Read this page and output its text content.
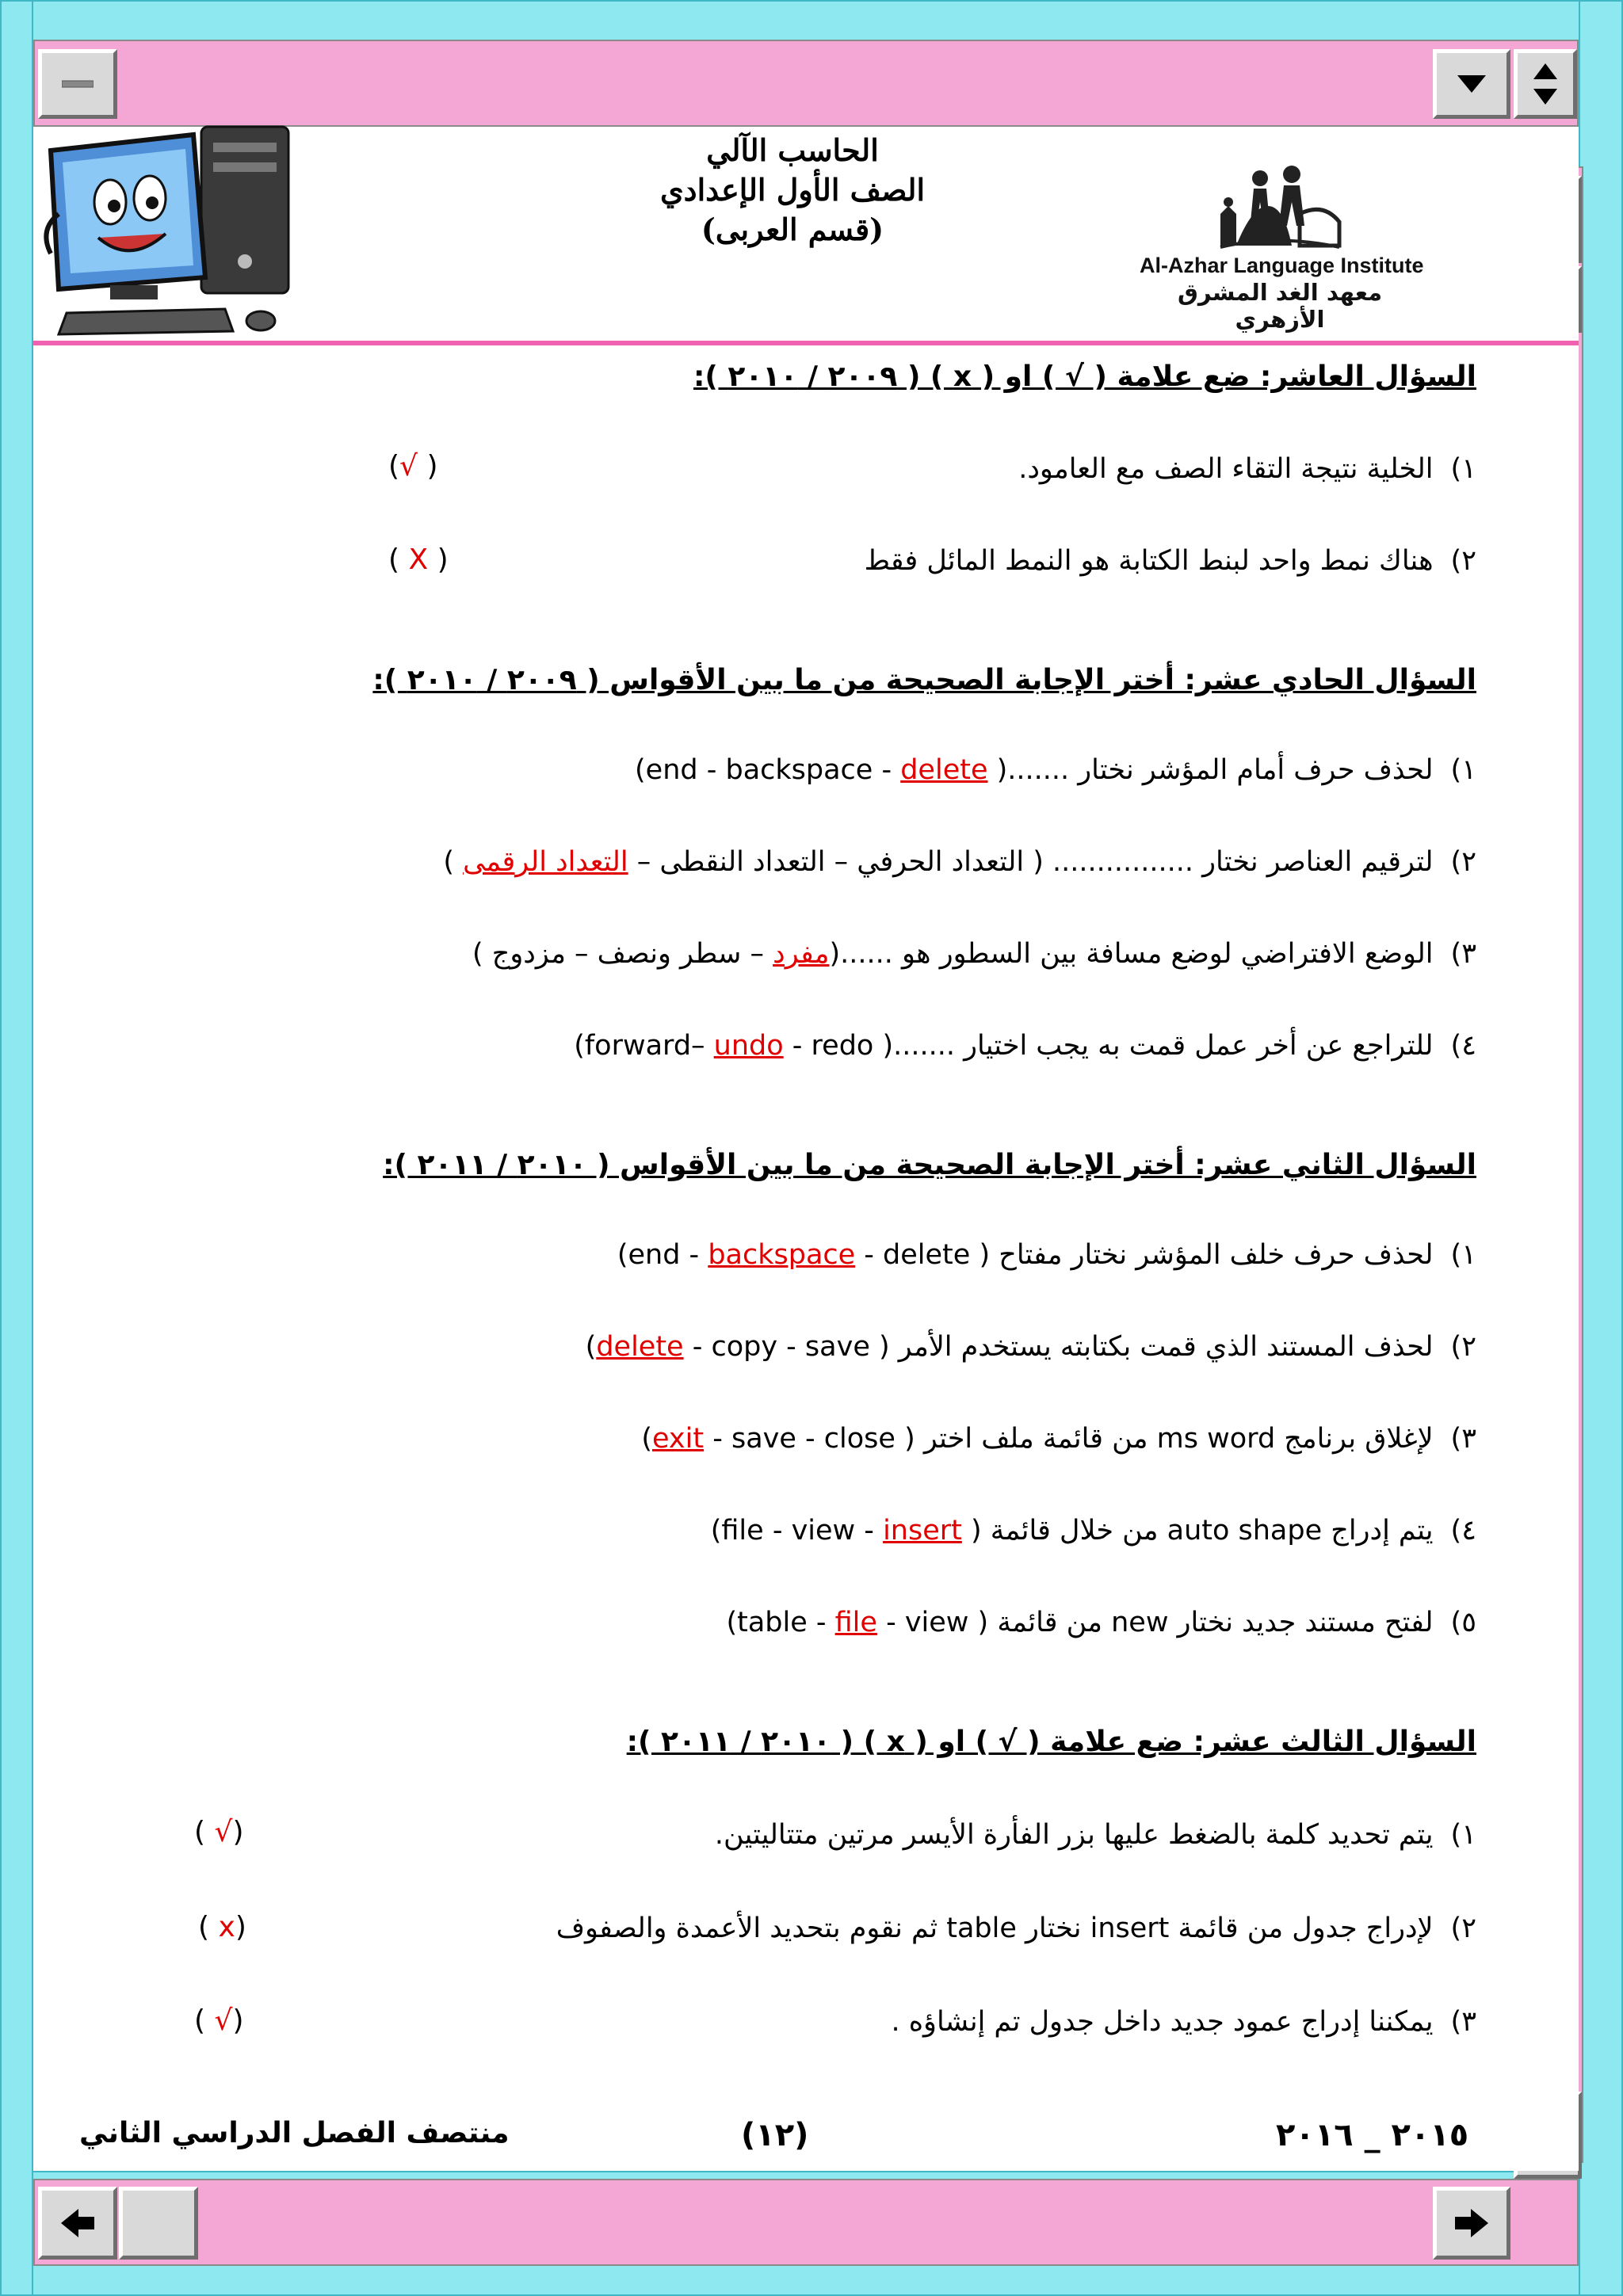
الحاسب الآلي
الصف الأول الإعدادي
(قسم العربى)
Al-Azhar Language Institute
معهد الغد المشرق الأزهري
السؤال العاشر: ضع علامة ( √ ) او ( x ) ( ٢٠٠٩ / ٢٠١٠ ):
١)الخلية نتيجة التقاء الصف مع العامود.
(√ )
٢)هناك نمط واحد لبنط الكتابة هو النمط المائل فقط
( X )
السؤال الحادي عشر: أختر الإجابة الصحيحة من ما بين الأقواس ( ٢٠٠٩ / ٢٠١٠ ):
١)لحذف حرف أمام المؤشر نختار .......( end - backspace - delete)
٢)لترقيم العناصر نختار ................ ( التعداد الحرفي – التعداد النقطى – التعداد الرقمى )
٣)الوضع الافتراضي لوضع مسافة بين السطور هو ......(مفرد – سطر ونصف – مزدوج )
٤)للتراجع عن أخر عمل قمت به يجب اختيار .......( forward– undo - redo)
السؤال الثاني عشر: أختر الإجابة الصحيحة من ما بين الأقواس ( ٢٠١٠ / ٢٠١١ ):
١)لحذف حرف خلف المؤشر نختار مفتاح ( end - backspace - delete)
٢)لحذف المستند الذي قمت بكتابته يستخدم الأمر ( delete - copy - save)
٣)لإغلاق برنامج ms word من قائمة ملف اختر ( exit - save - close)
٤)يتم إدراج auto shape من خلال قائمة ( file - view - insert)
٥)لفتح مستند جديد نختار new من قائمة ( table - file - view)
السؤال الثالث عشر: ضع علامة ( √ ) او ( x ) ( ٢٠١٠ / ٢٠١١ ):
١)يتم تحديد كلمة بالضغط عليها بزر الفأرة الأيسر مرتين متتاليتين.
( √)
٢)لإدراج جدول من قائمة insert نختار table ثم نقوم بتحديد الأعمدة والصفوف
( x)
٣)يمكننا إدراج عمود جديد داخل جدول تم إنشاؤه .
( √)
منتصف الفصل الدراسي الثاني	(١٢)	٢٠١٥ _ ٢٠١٦
